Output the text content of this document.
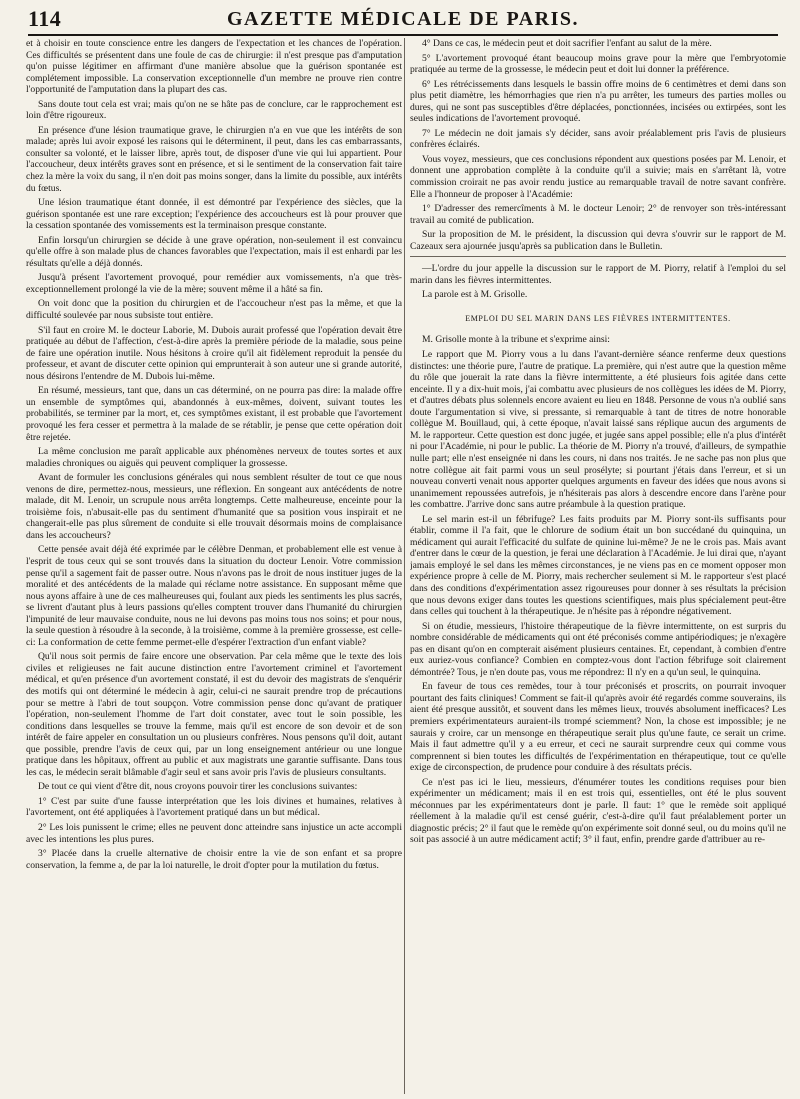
114	GAZETTE MÉDICALE DE PARIS.

et à choisir en toute conscience entre les dangers de l'expectation et les chances de l'opération. Ces difficultés se présentent dans une foule de cas de chirurgie: il n'est presque pas d'amputation qu'on puisse légitimer en affirmant d'une manière absolue que la guérison spontanée est complétement impossible. La conservation exceptionnelle d'un membre ne prouve rien contre l'opportunité de l'amputation dans la plupart des cas.

Sans doute tout cela est vrai; mais qu'on ne se hâte pas de conclure, car le rapprochement est loin d'être rigoureux.

En présence d'une lésion traumatique grave, le chirurgien n'a en vue que les intérêts de son malade; après lui avoir exposé les raisons qui le déterminent, il peut, dans les cas embarrassants, consulter sa volonté, et le laisser libre, après tout, de disposer d'une vie qui lui appartient. Pour l'accoucheur, deux intérêts graves sont en présence, et si le sentiment de la conservation fait taire chez la mère la voix du sang, il n'en doit pas moins songer, dans la limite du possible, aux intérêts du fœtus.

Une lésion traumatique étant donnée, il est démontré par l'expérience des siècles, que la guérison spontanée est une rare exception; l'expérience des accoucheurs est là pour prouver que la cessation spontanée des vomissements est la terminaison presque constante.

Enfin lorsqu'un chirurgien se décide à une grave opération, non-seulement il est convaincu qu'elle offre à son malade plus de chances favorables que l'expectation, mais il est enhardi par les résultats qu'elle a déjà donnés.

Jusqu'à présent l'avortement provoqué, pour remédier aux vomissements, n'a que très-exceptionnellement prolongé la vie de la mère; souvent même il a hâté sa fin.

On voit donc que la position du chirurgien et de l'accoucheur n'est pas la même, et que la difficulté soulevée par nous subsiste tout entière.

S'il faut en croire M. le docteur Laborie, M. Dubois aurait professé que l'opération devait être pratiquée au début de l'affection, c'est-à-dire après la première période de la maladie, sous peine de faire une opération inutile. Nous hésitons à croire qu'il ait fidèlement reproduit la pensée du professeur, et avant de discuter cette opinion qui emprunterait à son auteur une si grande autorité, nous désirons l'entendre de M. Dubois lui-même.

En résumé, messieurs, tant que, dans un cas déterminé, on ne pourra pas dire: la malade offre un ensemble de symptômes qui, abandonnés à eux-mêmes, doivent, suivant toutes les probabilités, se terminer par la mort, et, ces symptômes existant, il est probable que l'avortement provoqué les fera cesser et permettra à la malade de se rétablir, je pense que cette opération doit être rejetée.

La même conclusion me paraît applicable aux phénomènes nerveux de toutes sortes et aux maladies chroniques ou aiguës qui peuvent compliquer la grossesse.

Avant de formuler les conclusions générales qui nous semblent résulter de tout ce que nous venons de dire, permettez-nous, messieurs, une réflexion. En songeant aux antécédents de notre malade, dit M. Lenoir, un scrupule nous arrêta longtemps. Cette malheureuse, enceinte pour la troisième fois, n'abusait-elle pas du sentiment d'humanité que sa position vous inspirait et ne changerait-elle pas plus sûrement de conduite si elle trouvait désormais moins de complaisance dans les accoucheurs?

Cette pensée avait déjà été exprimée par le célèbre Denman, et probablement elle est venue à l'esprit de tous ceux qui se sont trouvés dans la situation du docteur Lenoir. Votre commission pense qu'il a sagement fait de passer outre. Nous n'avons pas le droit de nous instituer juges de la moralité et des antécédents de la malade qui réclame notre assistance. En supposant même que nous ayons affaire à une de ces malheureuses qui, foulant aux pieds les sentiments les plus sacrés, se livrent d'autant plus à leurs passions qu'elles comptent trouver dans l'humanité du chirurgien l'impunité de leur mauvaise conduite, nous ne lui devons pas moins tous nos soins; et pour nous, la seule question à résoudre à la seconde, à la troisième, comme à la première grossesse, est celle-ci: La conformation de cette femme permet-elle d'espérer l'extraction d'un enfant viable?

Qu'il nous soit permis de faire encore une observation. Par cela même que le texte des lois civiles et religieuses ne fait aucune distinction entre l'avortement criminel et l'avortement médical, et qu'en présence d'un avortement constaté, il est du devoir des magistrats de s'enquérir des motifs qui ont déterminé le médecin à agir, celui-ci ne saurait prendre trop de précautions pour se mettre à l'abri de tout soupçon. Votre commission pense donc qu'avant de pratiquer l'opération, non-seulement l'homme de l'art doit constater, avec tout le soin possible, les conditions dans lesquelles se trouve la femme, mais qu'il est encore de son devoir et de son intérêt de faire appeler en consultation un ou plusieurs confrères. Nous pensons qu'il doit, autant que possible, prendre l'avis de ceux qui, par un long enseignement antérieur ou une longue pratique dans les hôpitaux, offrent au public et aux magistrats une garantie suffisante. Dans tous les cas, le médecin serait blâmable d'agir seul et sans avoir pris l'avis de plusieurs consultants.

De tout ce qui vient d'être dit, nous croyons pouvoir tirer les conclusions suivantes:

1° C'est par suite d'une fausse interprétation que les lois divines et humaines, relatives à l'avortement, ont été appliquées à l'avortement pratiqué dans un but médical.

2° Les lois punissent le crime; elles ne peuvent donc atteindre sans injustice un acte accompli avec les intentions les plus pures.

3° Placée dans la cruelle alternative de choisir entre la vie de son enfant et sa propre conservation, la femme a, de par la loi naturelle, le droit d'opter pour la mutilation du fœtus.

4° Dans ce cas, le médecin peut et doit sacrifier l'enfant au salut de la mère.

5° L'avortement provoqué étant beaucoup moins grave pour la mère que l'embryotomie pratiquée au terme de la grossesse, le médecin peut et doit lui donner la préférence.

6° Les rétrécissements dans lesquels le bassin offre moins de 6 centimètres et demi dans son plus petit diamètre, les hémorrhagies que rien n'a pu arrêter, les tumeurs des parties molles ou dures, qui ne sont pas susceptibles d'être déplacées, ponctionnées, incisées ou extirpées, sont les seules indications de l'avortement provoqué.

7° Le médecin ne doit jamais s'y décider, sans avoir préalablement pris l'avis de plusieurs confrères éclairés.

Vous voyez, messieurs, que ces conclusions répondent aux questions posées par M. Lenoir, et donnent une approbation complète à la conduite qu'il a suivie; mais en s'arrêtant là, votre commission croirait ne pas avoir rendu justice au remarquable travail de notre savant confrère. Elle a l'honneur de proposer à l'Académie:

1° D'adresser des remercîments à M. le docteur Lenoir; 2° de renvoyer son très-intéressant travail au comité de publication.

Sur la proposition de M. le président, la discussion qui devra s'ouvrir sur le rapport de M. Cazeaux sera ajournée jusqu'après sa publication dans le Bulletin.

—L'ordre du jour appelle la discussion sur le rapport de M. Piorry, relatif à l'emploi du sel marin dans les fièvres intermittentes.

La parole est à M. Grisolle.

EMPLOI DU SEL MARIN DANS LES FIÈVRES INTERMITTENTES.

M. Grisolle monte à la tribune et s'exprime ainsi:

Le rapport que M. Piorry vous a lu dans l'avant-dernière séance renferme deux questions distinctes: une théorie pure, l'autre de pratique. La première, qui n'est autre que la question même du rôle que jouerait la rate dans la fièvre intermittente, a été plusieurs fois agitée dans cette enceinte. Il y a dix-huit mois, j'ai combattu avec plusieurs de nos collègues les idées de M. Piorry, et d'autres débats plus solennels encore avaient eu lieu en 1848. Personne de vous n'a oublié sans doute l'argumentation si vive, si pressante, si remarquable à tant de titres de notre honorable collègue M. Bouillaud, qui, à cette époque, n'avait laissé sans réplique aucun des arguments de M. le rapporteur. Cette question est donc jugée, et jugée sans appel possible; elle n'a plus d'intérêt ni pour l'Académie, ni pour le public. La théorie de M. Piorry n'a trouvé, d'ailleurs, de sympathie nulle part; elle n'est enseignée ni dans les cours, ni dans nos traités. Je ne sache pas non plus que notre collègue ait fait parmi vous un seul prosélyte; si pourtant j'étais dans l'erreur, et si un nouveau converti venait nous apporter quelques arguments en faveur des idées que nous avons si unanimement repoussées autrefois, je n'hésiterais pas alors à descendre encore dans l'arène pour les combattre. J'arrive donc sans autre préambule à la question pratique.

Le sel marin est-il un fébrifuge? Les faits produits par M. Piorry sont-ils suffisants pour établir, comme il l'a fait, que le chlorure de sodium était un bon succédané du quinquina, un médicament qui aurait l'efficacité du sulfate de quinine lui-même? Je ne le crois pas. Mais avant d'entrer dans le cœur de la question, je ferai une déclaration à l'Académie. Je lui dirai que, n'ayant jamais employé le sel dans les mêmes circonstances, je ne viens pas en ce moment opposer mon expérience propre à celle de M. Piorry, mais rechercher seulement si M. le rapporteur s'est placé dans des conditions d'expérimentation assez rigoureuses pour donner à ses résultats la précision que nous devons exiger dans toutes les questions scientifiques, mais plus spécialement peut-être dans celles qui touchent à la thérapeutique. Je n'hésite pas à répondre négativement.

Si on étudie, messieurs, l'histoire thérapeutique de la fièvre intermittente, on est surpris du nombre considérable de médicaments qui ont été préconisés comme antipériodiques; je n'exagère pas en disant qu'on en compterait aisément plusieurs centaines. Et, cependant, à combien d'entre eux auriez-vous confiance? Combien en comptez-vous dont l'action fébrifuge soit clairement démontrée? Tous, je n'en doute pas, vous me répondrez: Il n'y en a qu'un seul, le quinquina.

En faveur de tous ces remèdes, tour à tour préconisés et proscrits, on pourrait invoquer pourtant des faits cliniques! Comment se fait-il qu'après avoir été regardés comme souverains, ils aient été presque aussitôt, et souvent dans les mêmes lieux, trouvés absolument inefficaces? Les premiers expérimentateurs auraient-ils trompé sciemment? Non, la chose est impossible; je ne saurais y croire, car un mensonge en thérapeutique serait plus qu'une faute, ce serait un crime. Mais il faut admettre qu'il y a eu erreur, et ceci ne saurait surprendre ceux qui comme vous comprennent si bien toutes les difficultés de l'expérimentation en thérapeutique, tout ce qu'elle exige de circonspection, de prudence pour conduire à des résultats précis.

Ce n'est pas ici le lieu, messieurs, d'énumérer toutes les conditions requises pour bien expérimenter un médicament; mais il en est trois qui, essentielles, ont été le plus souvent méconnues par les expérimentateurs dont je parle. Il faut: 1° que le remède soit appliqué réellement à la maladie qu'il est censé guérir, c'est-à-dire qu'il faut préalablement porter un diagnostic précis; 2° il faut que le remède qu'on expérimente soit donné seul, ou du moins qu'il ne soit pas associé à un autre médicament actif; 3° il faut, enfin, prendre garde d'attribuer au re-
